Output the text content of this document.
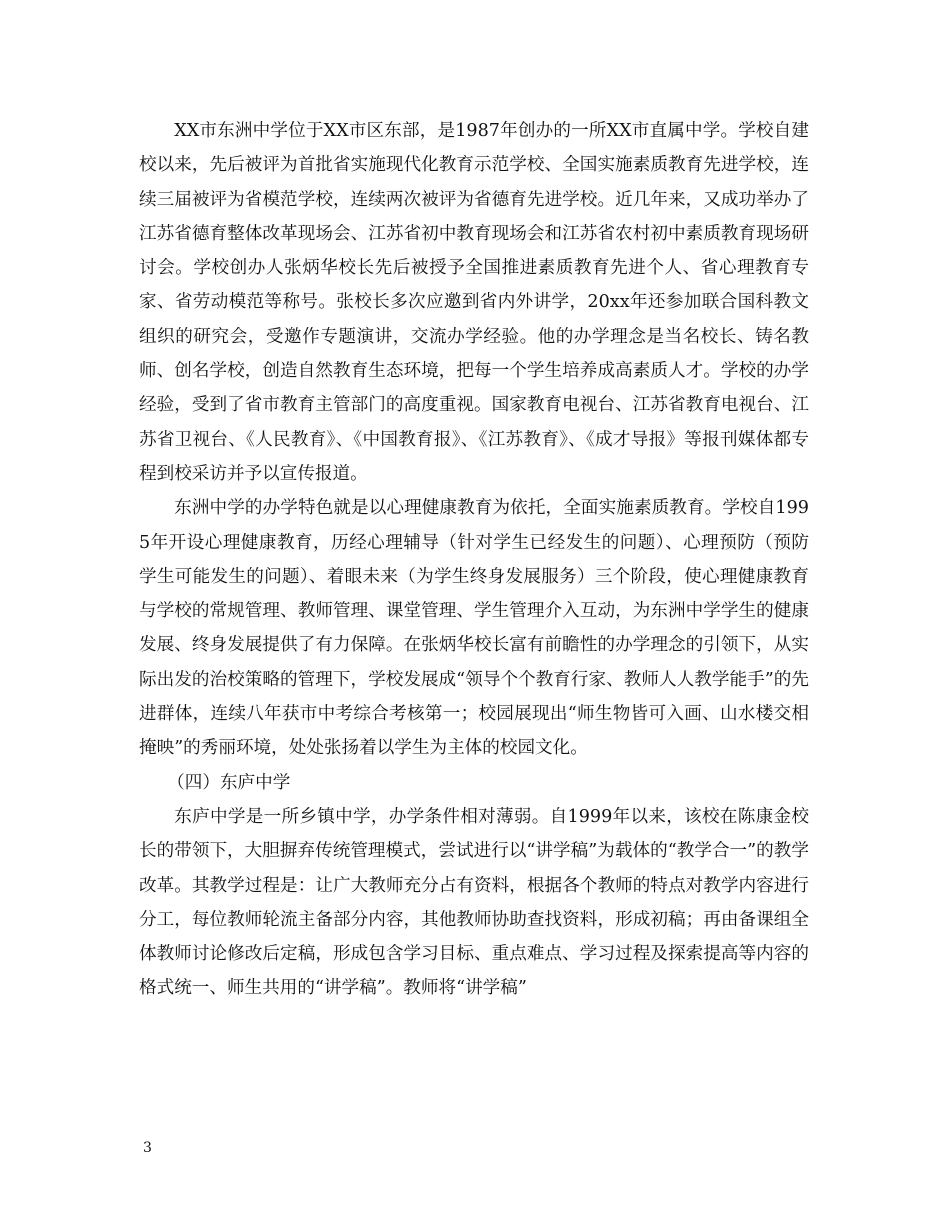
XX市东洲中学位于XX市区东部，是1987年创办的一所XX市直属中学。学校自建校以来，先后被评为首批省实施现代化教育示范学校、全国实施素质教育先进学校，连续三届被评为省模范学校，连续两次被评为省德育先进学校。近几年来，又成功举办了江苏省德育整体改革现场会、江苏省初中教育现场会和江苏省农村初中素质教育现场研讨会。学校创办人张炳华校长先后被授予全国推进素质教育先进个人、省心理教育专家、省劳动模范等称号。张校长多次应邀到省内外讲学，20xx年还参加联合国科教文组织的研究会，受邀作专题演讲，交流办学经验。他的办学理念是当名校长、铸名教师、创名学校，创造自然教育生态环境，把每一个学生培养成高素质人才。学校的办学经验，受到了省市教育主管部门的高度重视。国家教育电视台、江苏省教育电视台、江苏省卫视台、《人民教育》、《中国教育报》、《江苏教育》、《成才导报》等报刊媒体都专程到校采访并予以宣传报道。

东洲中学的办学特色就是以心理健康教育为依托，全面实施素质教育。学校自1995年开设心理健康教育，历经心理辅导（针对学生已经发生的问题）、心理预防（预防学生可能发生的问题）、着眼未来（为学生终身发展服务）三个阶段，使心理健康教育与学校的常规管理、教师管理、课堂管理、学生管理介入互动，为东洲中学学生的健康发展、终身发展提供了有力保障。在张炳华校长富有前瞻性的办学理念的引领下，从实际出发的治校策略的管理下，学校发展成“领导个个教育行家、教师人人教学能手”的先进群体，连续八年获市中考综合考核第一；校园展现出“师生物皆可入画、山水楼交相掩映”的秀丽环境，处处张扬着以学生为主体的校园文化。

（四）东庐中学

东庐中学是一所乡镇中学，办学条件相对薄弱。自1999年以来，该校在陈康金校长的带领下，大胆摒弃传统管理模式，尝试进行以“讲学稿”为载体的“教学合一”的教学改革。其教学过程是：让广大教师充分占有资料，根据各个教师的特点对教学内容进行分工，每位教师轮流主备部分内容，其他教师协助查找资料，形成初稿；再由备课组全体教师讨论修改后定稿，形成包含学习目标、重点难点、学习过程及探索提高等内容的格式统一、师生共用的“讲学稿”。教师将“讲学稿”

3
